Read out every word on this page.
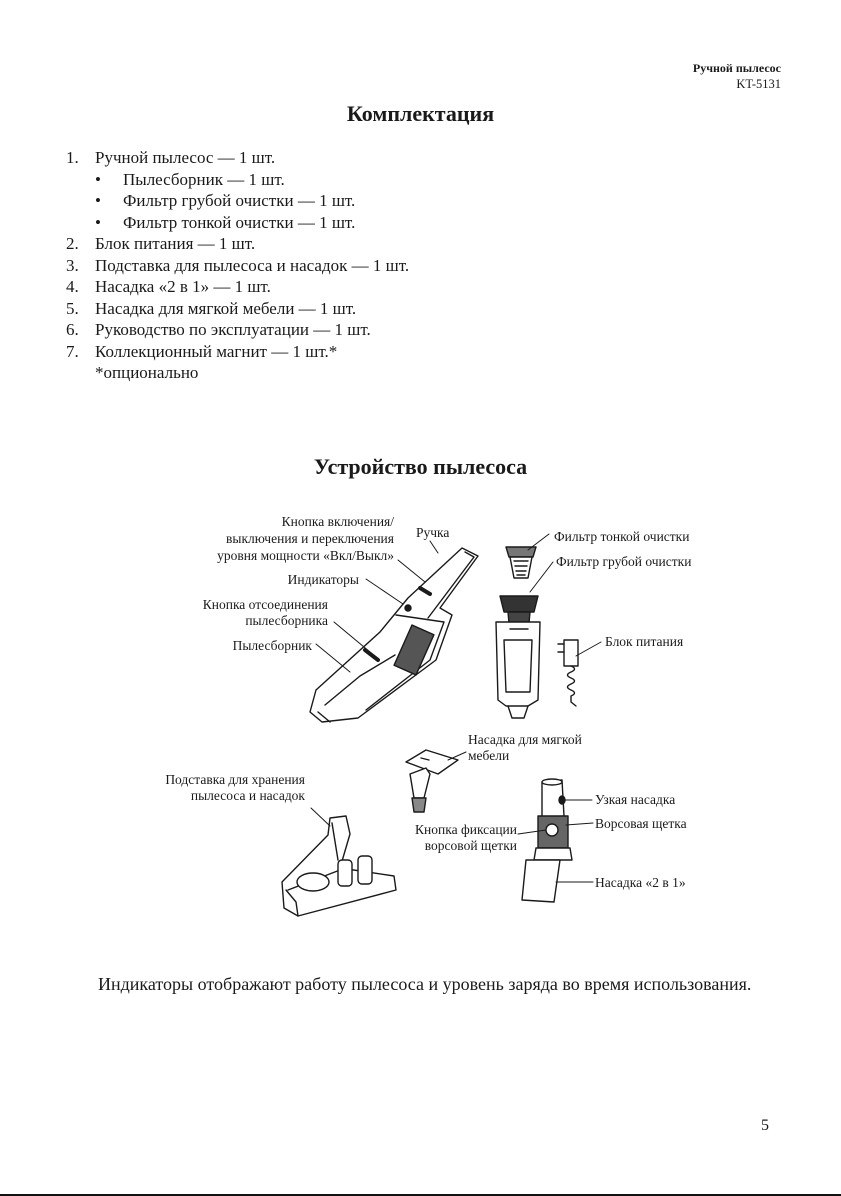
Ручной пылесос
KT-5131
Комплектация
1. Ручной пылесос — 1 шт.
•	Пылесборник — 1 шт.
•	Фильтр грубой очистки — 1 шт.
•	Фильтр тонкой очистки — 1 шт.
2. Блок питания — 1 шт.
3. Подставка для пылесоса и насадок — 1 шт.
4. Насадка «2 в 1» — 1 шт.
5. Насадка для мягкой мебели — 1 шт.
6. Руководство по эксплуатации — 1 шт.
7. Коллекционный магнит — 1 шт.*
*опционально
Устройство пылесоса
Кнопка включения/
выключения и переключения
уровня мощности «Вкл/Выкл»
Ручка
Индикаторы
Кнопка отсоединения
пылесборника
Пылесборник
Фильтр тонкой очистки
Фильтр грубой очистки
Блок питания
Насадка для мягкой
мебели
Подставка для хранения
пылесоса и насадок	Узкая насадка
Ворсовая щетка
Кнопка фиксации
ворсовой щетки
Насадка «2 в 1»

Индикаторы отображают работу пылесоса и уровень заряда во время использования.

5
